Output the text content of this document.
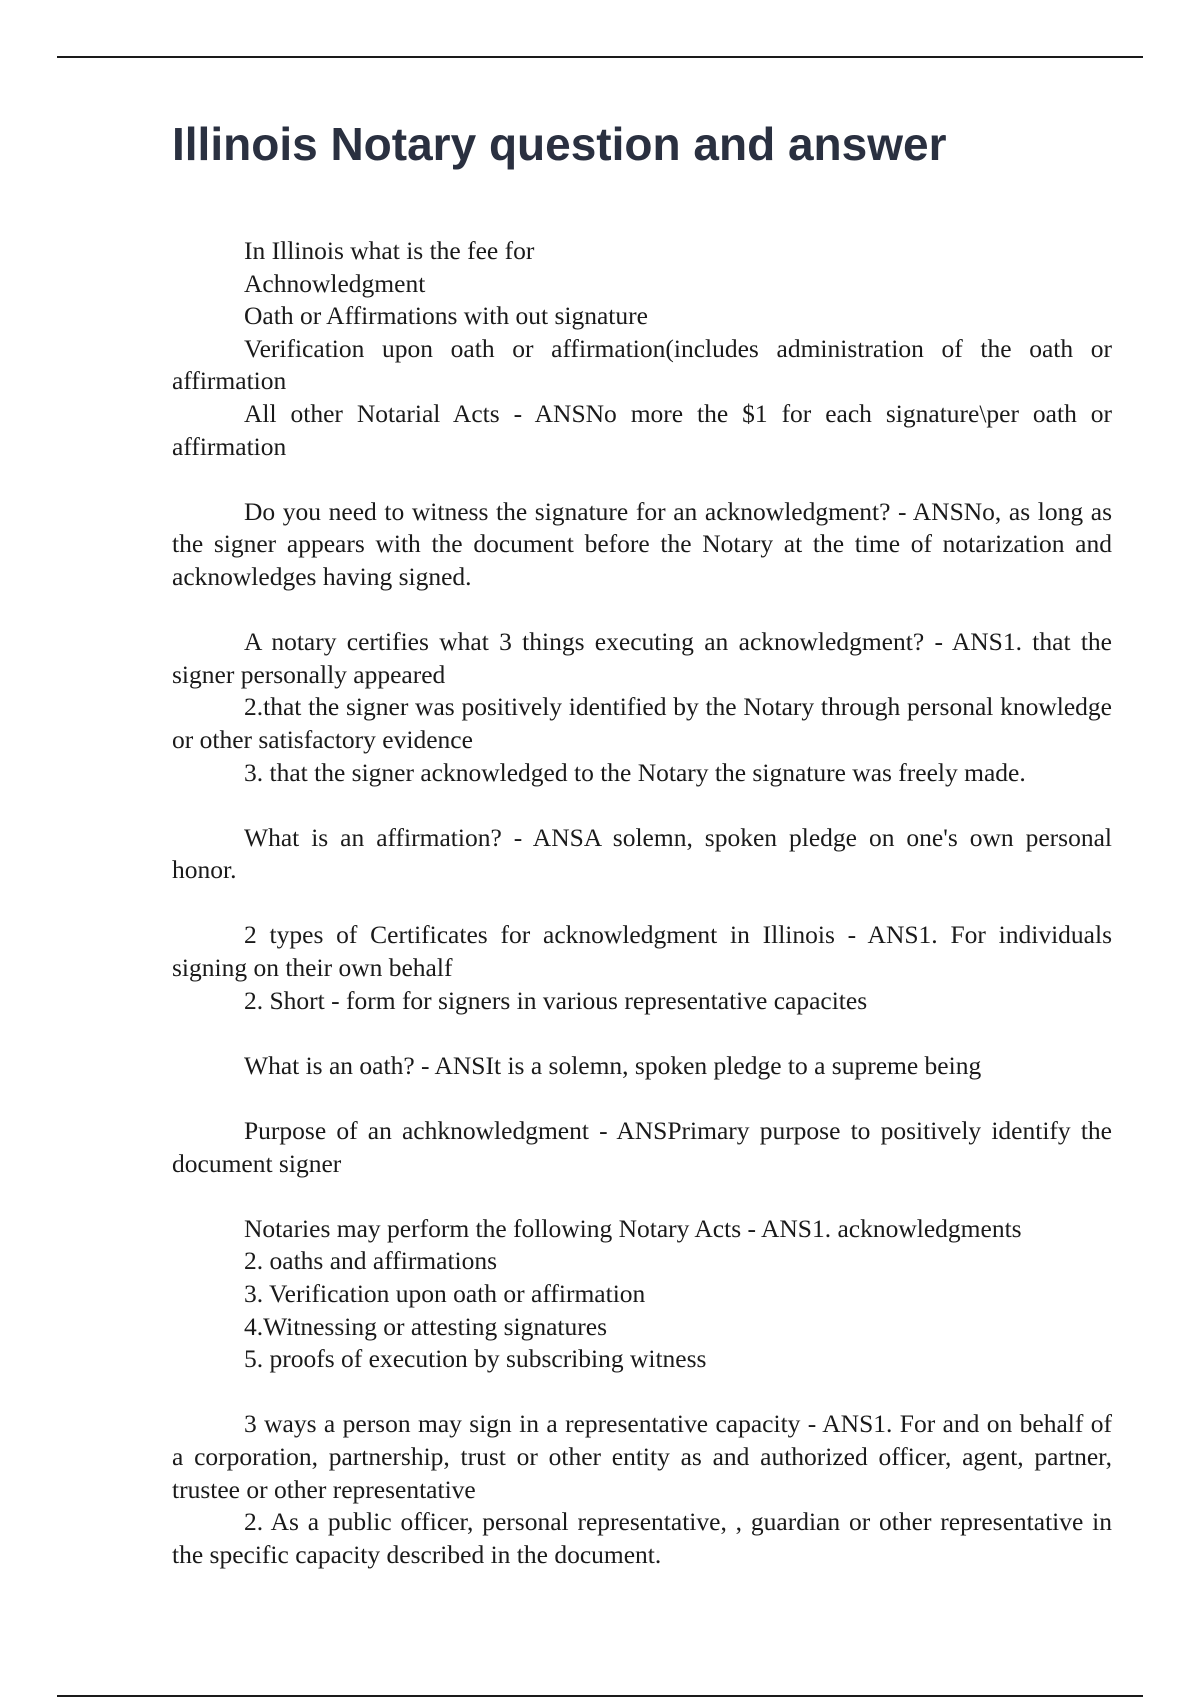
Illinois Notary question and answer

In Illinois what is the fee for

Achnowledgment

Oath or Affirmations with out signature

Verification upon oath or affirmation(includes administration of the oath or affirmation

All other Notarial Acts - ANSNo more the $1 for each signature\per oath or affirmation

Do you need to witness the signature for an acknowledgment? - ANSNo, as long as the signer appears with the document before the Notary at the time of notarization and acknowledges having signed.

A notary certifies what 3 things executing an acknowledgment? - ANS1. that the signer personally appeared

2.that the signer was positively identified by the Notary through personal knowledge or other satisfactory evidence

3. that the signer acknowledged to the Notary the signature was freely made.

What is an affirmation? - ANSA solemn, spoken pledge on one's own personal honor.

2 types of Certificates for acknowledgment in Illinois - ANS1. For individuals signing on their own behalf

2. Short - form for signers in various representative capacites

What is an oath? - ANSIt is a solemn, spoken pledge to a supreme being

Purpose of an achknowledgment - ANSPrimary purpose to positively identify the document signer

Notaries may perform the following Notary Acts - ANS1. acknowledgments

2. oaths and affirmations

3. Verification upon oath or affirmation

4.Witnessing or attesting signatures

5. proofs of execution by subscribing witness

3 ways a person may sign in a representative capacity - ANS1. For and on behalf of a corporation, partnership, trust or other entity as and authorized officer, agent, partner, trustee or other representative

2. As a public officer, personal representative, , guardian or other representative in the specific capacity described in the document.
